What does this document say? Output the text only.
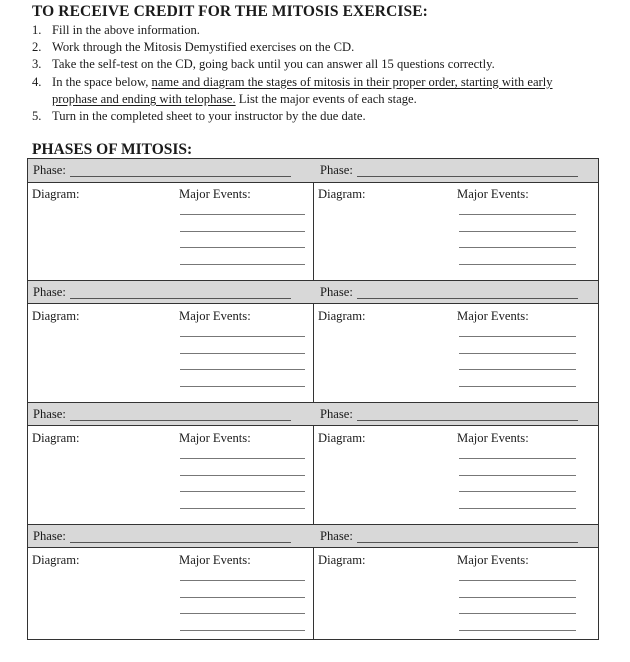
TO RECEIVE CREDIT FOR THE MITOSIS EXERCISE:
1. Fill in the above information.
2. Work through the Mitosis Demystified exercises on the CD.
3. Take the self-test on the CD, going back until you can answer all 15 questions correctly.
4. In the space below, name and diagram the stages of mitosis in their proper order, starting with early prophase and ending with telophase. List the major events of each stage.
5. Turn in the completed sheet to your instructor by the due date.
PHASES OF MITOSIS:
Phase:	Phase:
Diagram:	Major Events:	Diagram:	Major Events:
Phase:	Phase:
Diagram:	Major Events:	Diagram:	Major Events:
Phase:	Phase:
Diagram:	Major Events:	Diagram:	Major Events:
Phase:	Phase:
Diagram:	Major Events:	Diagram:	Major Events:
